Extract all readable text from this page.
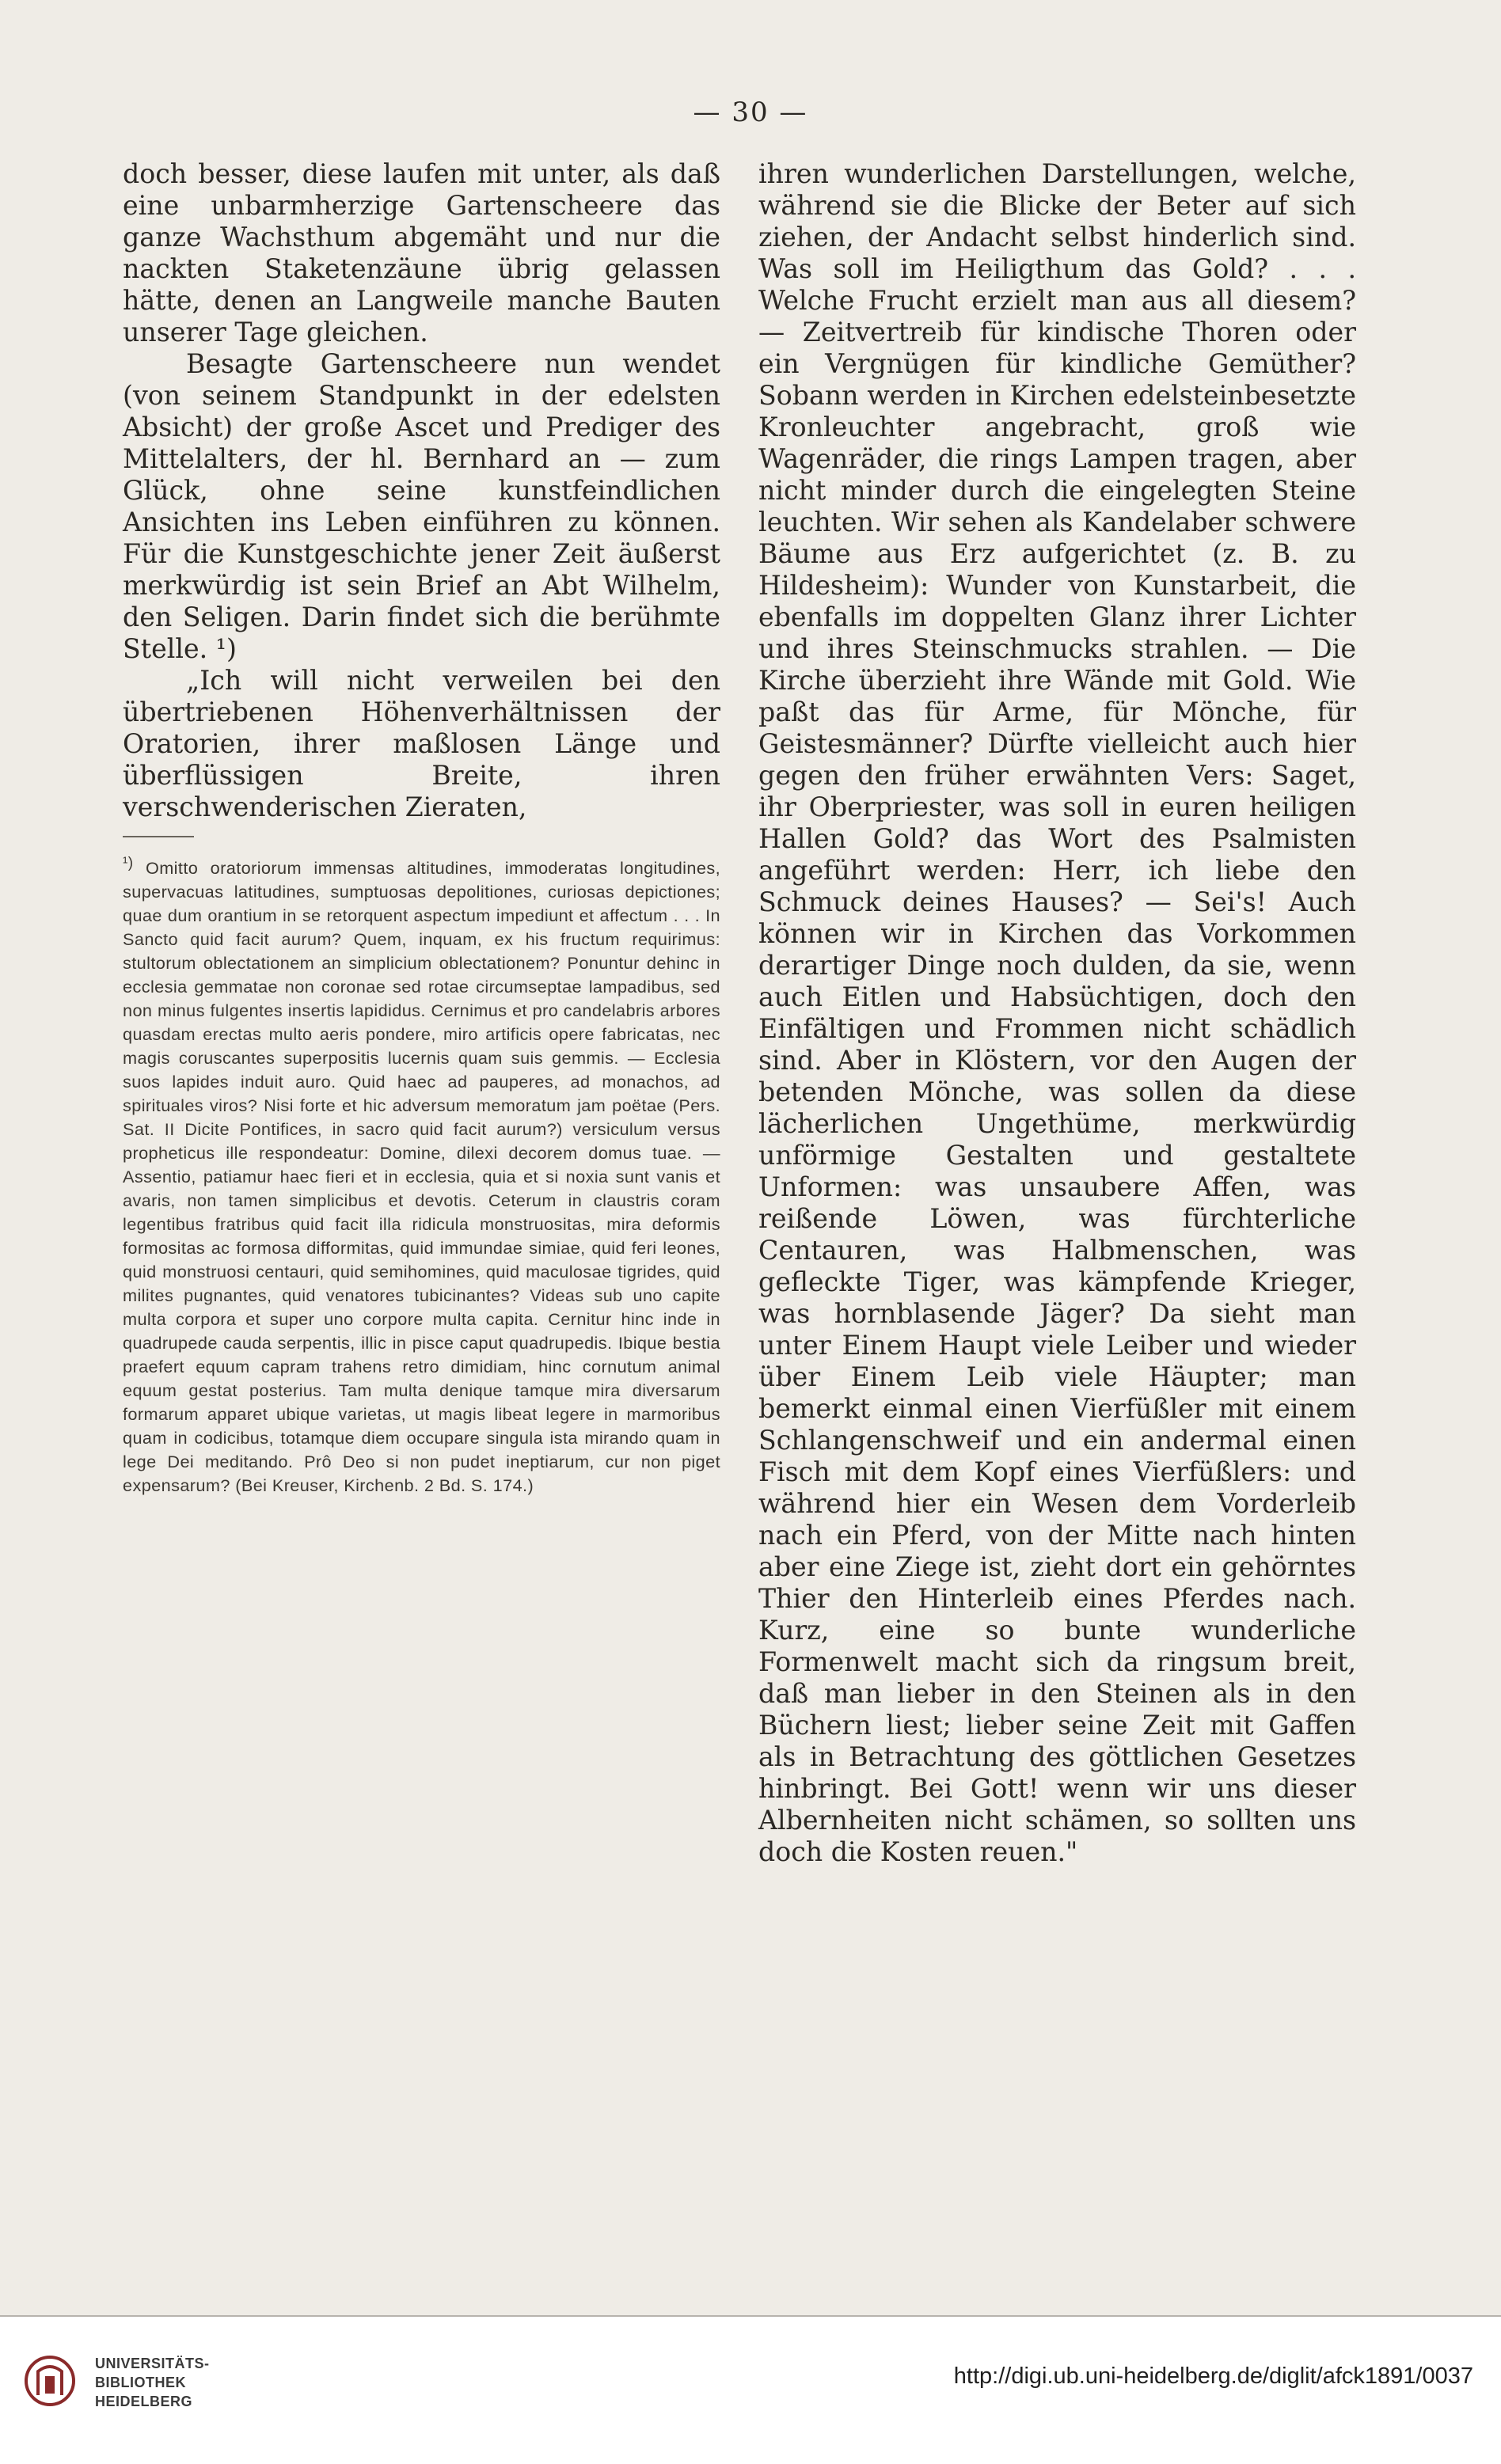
— 30 —

doch besser, diese laufen mit unter, als daß eine unbarmherzige Gartenscheere das ganze Wachsthum abgemäht und nur die nackten Staketenzäune übrig gelassen hätte, denen an Langweile manche Bauten unserer Tage gleichen.

Besagte Gartenscheere nun wendet (von seinem Standpunkt in der edelsten Absicht) der große Ascet und Prediger des Mittelalters, der hl. Bernhard an — zum Glück, ohne seine kunstfeindlichen Ansichten ins Leben einführen zu können. Für die Kunstgeschichte jener Zeit äußerst merkwürdig ist sein Brief an Abt Wilhelm, den Seligen. Darin findet sich die berühmte Stelle. ¹)

„Ich will nicht verweilen bei den übertriebenen Höhenverhältnissen der Oratorien, ihrer maßlosen Länge und überflüssigen Breite, ihren verschwenderischen Zieraten,

¹) Omitto oratoriorum immensas altitudines, immoderatas longitudines, supervacuas latitudines, sumptuosas depolitiones, curiosas depictiones; quae dum orantium in se retorquent aspectum impediunt et affectum . . . In Sancto quid facit aurum? Quem, inquam, ex his fructum requirimus: stultorum oblectationem an simplicium oblectationem? Ponuntur dehinc in ecclesia gemmatae non coronae sed rotae circumseptae lampadibus, sed non minus fulgentes insertis lapididus. Cernimus et pro candelabris arbores quasdam erectas multo aeris pondere, miro artificis opere fabricatas, nec magis coruscantes superpositis lucernis quam suis gemmis. — Ecclesia suos lapides induit auro. Quid haec ad pauperes, ad monachos, ad spirituales viros? Nisi forte et hic adversum memoratum jam poëtae (Pers. Sat. II Dicite Pontifices, in sacro quid facit aurum?) versiculum versus propheticus ille respondeatur: Domine, dilexi decorem domus tuae. — Assentio, patiamur haec fieri et in ecclesia, quia et si noxia sunt vanis et avaris, non tamen simplicibus et devotis. Ceterum in claustris coram legentibus fratribus quid facit illa ridicula monstruositas, mira deformis formositas ac formosa difformitas, quid immundae simiae, quid feri leones, quid monstruosi centauri, quid semihomines, quid maculosae tigrides, quid milites pugnantes, quid venatores tubicinantes? Videas sub uno capite multa corpora et super uno corpore multa capita. Cernitur hinc inde in quadrupede cauda serpentis, illic in pisce caput quadrupedis. Ibique bestia praefert equum capram trahens retro dimidiam, hinc cornutum animal equum gestat posterius. Tam multa denique tamque mira diversarum formarum apparet ubique varietas, ut magis libeat legere in marmoribus quam in codicibus, totamque diem occupare singula ista mirando quam in lege Dei meditando. Prô Deo si non pudet ineptiarum, cur non piget expensarum? (Bei Kreuser, Kirchenb. 2 Bd. S. 174.)

ihren wunderlichen Darstellungen, welche, während sie die Blicke der Beter auf sich ziehen, der Andacht selbst hinderlich sind. Was soll im Heiligthum das Gold? . . . Welche Frucht erzielt man aus all diesem? — Zeitvertreib für kindische Thoren oder ein Vergnügen für kindliche Gemüther? Sobann werden in Kirchen edelsteinbesetzte Kronleuchter angebracht, groß wie Wagenräder, die rings Lampen tragen, aber nicht minder durch die eingelegten Steine leuchten. Wir sehen als Kandelaber schwere Bäume aus Erz aufgerichtet (z. B. zu Hildesheim): Wunder von Kunstarbeit, die ebenfalls im doppelten Glanz ihrer Lichter und ihres Steinschmucks strahlen. — Die Kirche überzieht ihre Wände mit Gold. Wie paßt das für Arme, für Mönche, für Geistesmänner? Dürfte vielleicht auch hier gegen den früher erwähnten Vers: Saget, ihr Oberpriester, was soll in euren heiligen Hallen Gold? das Wort des Psalmisten angeführt werden: Herr, ich liebe den Schmuck deines Hauses? — Sei's! Auch können wir in Kirchen das Vorkommen derartiger Dinge noch dulden, da sie, wenn auch Eitlen und Habsüchtigen, doch den Einfältigen und Frommen nicht schädlich sind. Aber in Klöstern, vor den Augen der betenden Mönche, was sollen da diese lächerlichen Ungethüme, merkwürdig unförmige Gestalten und gestaltete Unformen: was unsaubere Affen, was reißende Löwen, was fürchterliche Centauren, was Halbmenschen, was gefleckte Tiger, was kämpfende Krieger, was hornblasende Jäger? Da sieht man unter Einem Haupt viele Leiber und wieder über Einem Leib viele Häupter; man bemerkt einmal einen Vierfüßler mit einem Schlangenschweif und ein andermal einen Fisch mit dem Kopf eines Vierfüßlers: und während hier ein Wesen dem Vorderleib nach ein Pferd, von der Mitte nach hinten aber eine Ziege ist, zieht dort ein gehörntes Thier den Hinterleib eines Pferdes nach. Kurz, eine so bunte wunderliche Formenwelt macht sich da ringsum breit, daß man lieber in den Steinen als in den Büchern liest; lieber seine Zeit mit Gaffen als in Betrachtung des göttlichen Gesetzes hinbringt. Bei Gott! wenn wir uns dieser Albernheiten nicht schämen, so sollten uns doch die Kosten reuen."

UNIVERSITÄTS-
BIBLIOTHEK
HEIDELBERG
http://digi.ub.uni-heidelberg.de/diglit/afck1891/0037
